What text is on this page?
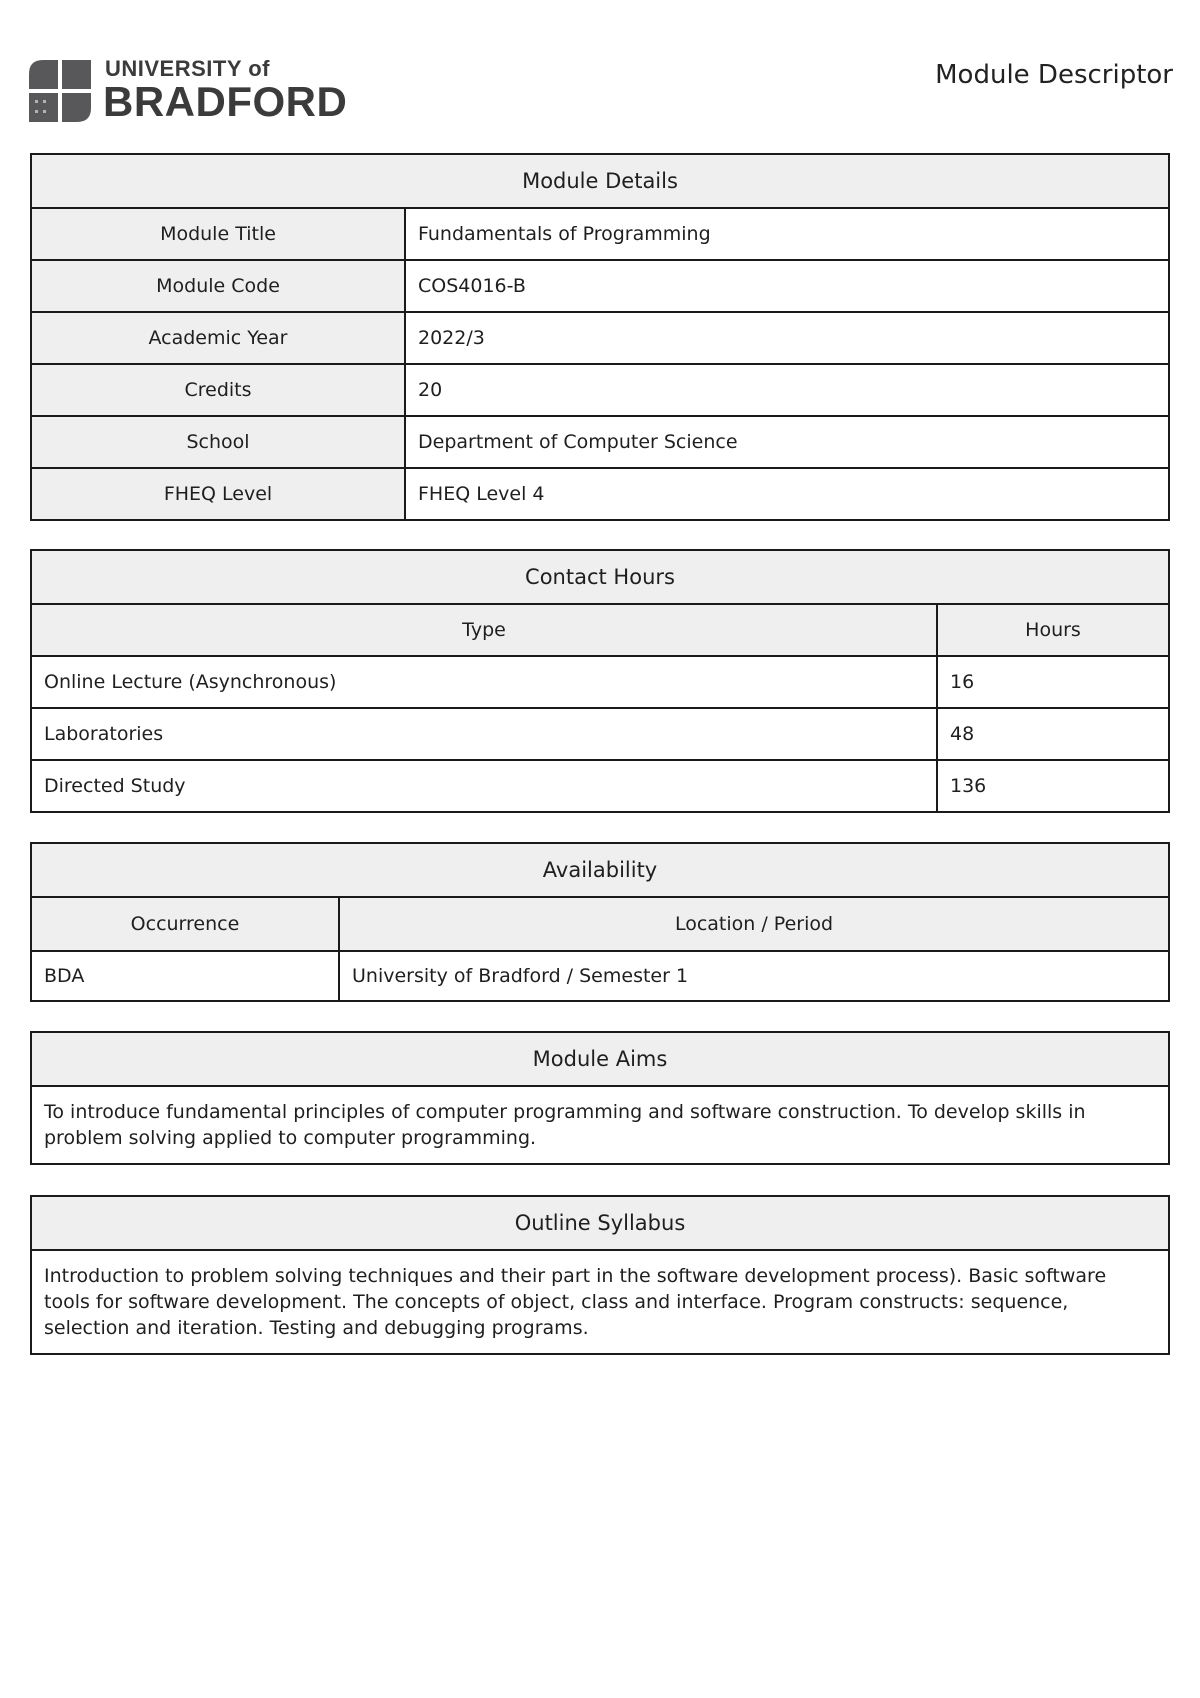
UNIVERSITY of
BRADFORD
Module Descriptor
Module Details	
Module Title	Fundamentals of Programming
Module Code	COS4016-B
Academic Year	2022/3
Credits	20
School	Department of Computer Science
FHEQ Level	FHEQ Level 4
Contact Hours	
Type	Hours
Online Lecture (Asynchronous)	16
Laboratories	48
Directed Study	136
Availability	
Occurrence	Location / Period
BDA	University of Bradford / Semester 1
Module Aims
To introduce fundamental principles of computer programming and software construction. To develop skills in problem solving applied to computer programming.
Outline Syllabus
Introduction to problem solving techniques and their part in the software development process). Basic software tools for software development. The concepts of object, class and interface. Program constructs: sequence, selection and iteration. Testing and debugging programs.
